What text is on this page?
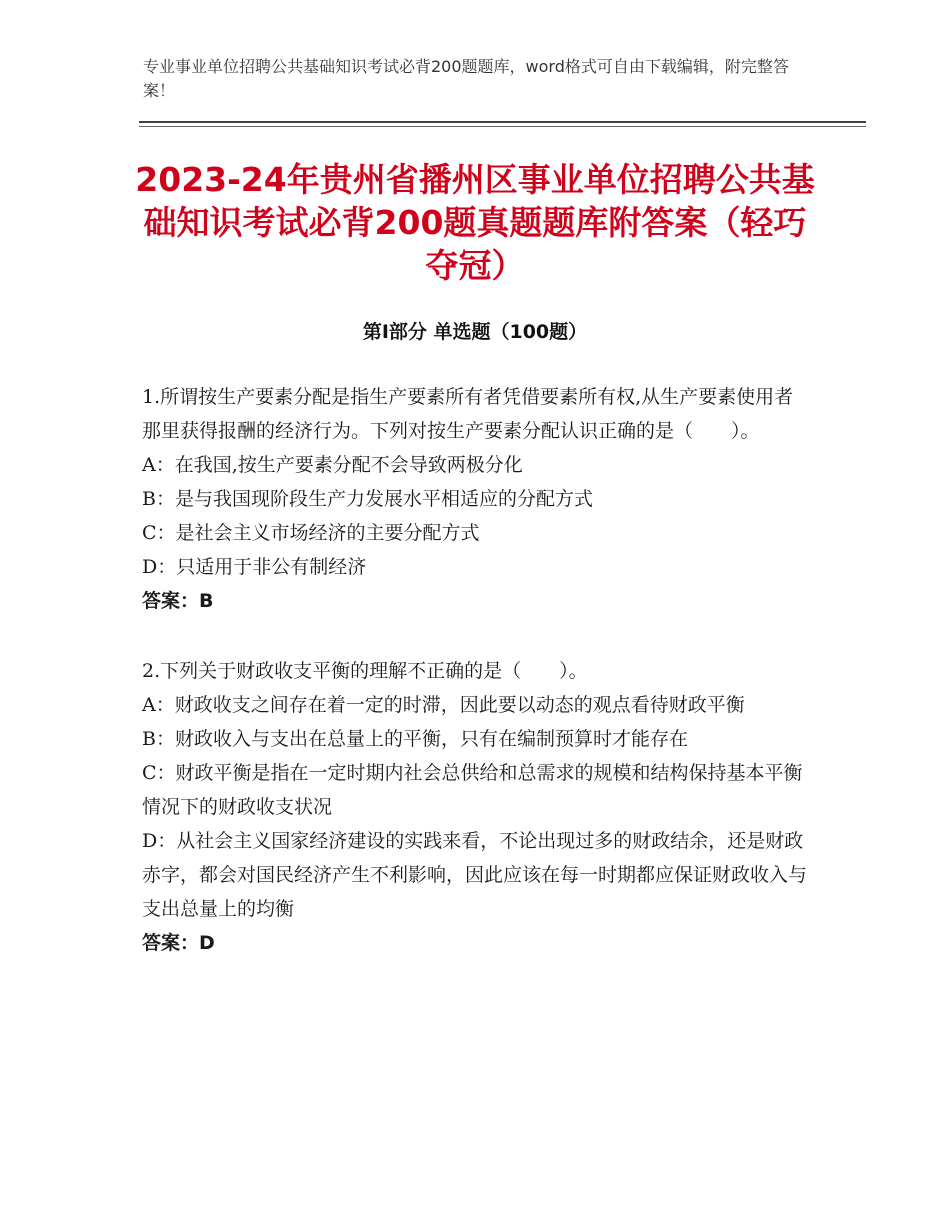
专业事业单位招聘公共基础知识考试必背200题题库，word格式可自由下载编辑，附完整答案！
2023-24年贵州省播州区事业单位招聘公共基础知识考试必背200题真题题库附答案（轻巧夺冠）
第Ⅰ部分 单选题（100题）

1.所谓按生产要素分配是指生产要素所有者凭借要素所有权,从生产要素使用者那里获得报酬的经济行为。下列对按生产要素分配认识正确的是（　　）。

A：在我国,按生产要素分配不会导致两极分化

B：是与我国现阶段生产力发展水平相适应的分配方式

C：是社会主义市场经济的主要分配方式

D：只适用于非公有制经济

答案：B

2.下列关于财政收支平衡的理解不正确的是（　　）。

A：财政收支之间存在着一定的时滞，因此要以动态的观点看待财政平衡

B：财政收入与支出在总量上的平衡，只有在编制预算时才能存在

C：财政平衡是指在一定时期内社会总供给和总需求的规模和结构保持基本平衡情况下的财政收支状况

D：从社会主义国家经济建设的实践来看，不论出现过多的财政结余，还是财政赤字，都会对国民经济产生不利影响，因此应该在每一时期都应保证财政收入与支出总量上的均衡

答案：D
